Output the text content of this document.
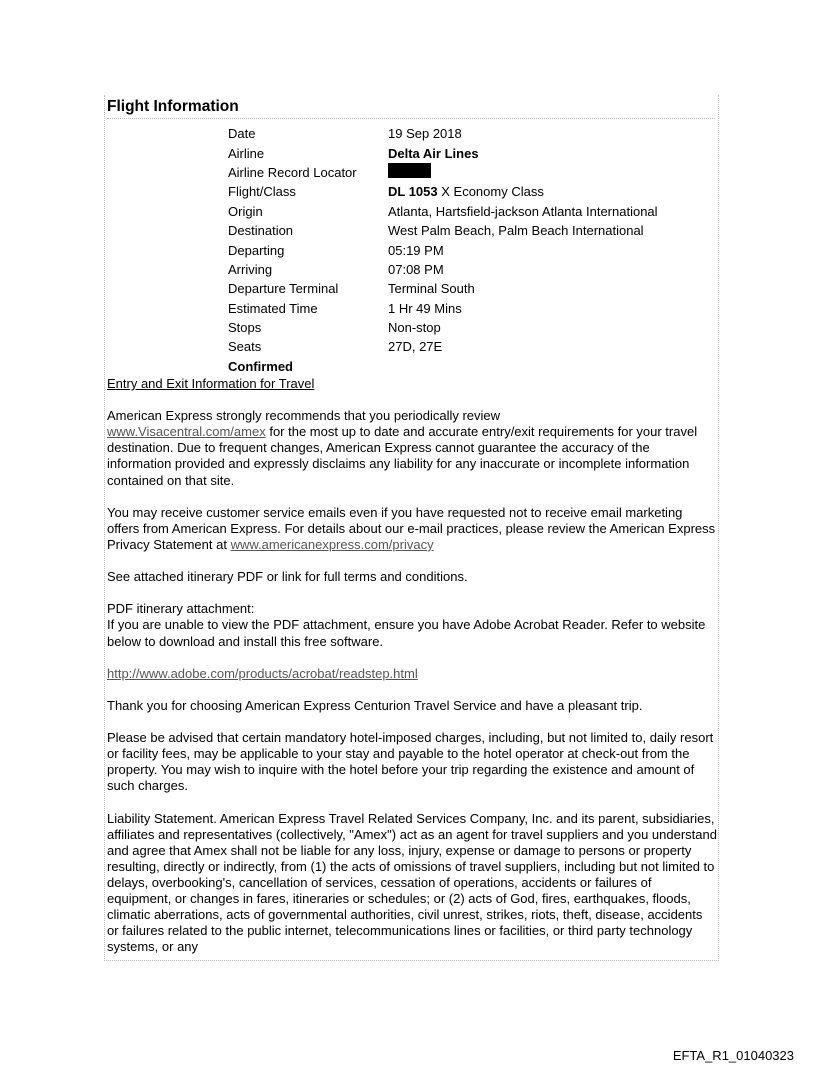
Flight Information
Date	19 Sep 2018
Airline	Delta Air Lines
Airline Record Locator
Flight/Class	DL 1053 X Economy Class
Origin	Atlanta, Hartsfield-jackson Atlanta International
Destination	West Palm Beach, Palm Beach International
Departing	05:19 PM
Arriving	07:08 PM
Departure Terminal	Terminal South
Estimated Time	1 Hr 49 Mins
Stops	Non-stop
Seats	27D, 27E
Confirmed
Entry and Exit Information for Travel

American Express strongly recommends that you periodically review
www.Visacentral.com/amex for the most up to date and accurate entry/exit requirements for your travel destination. Due to frequent changes, American Express cannot guarantee the accuracy of the information provided and expressly disclaims any liability for any inaccurate or incomplete information contained on that site.

You may receive customer service emails even if you have requested not to receive email marketing offers from American Express. For details about our e-mail practices, please review the American Express Privacy Statement at www.americanexpress.com/privacy

See attached itinerary PDF or link for full terms and conditions.

PDF itinerary attachment:
If you are unable to view the PDF attachment, ensure you have Adobe Acrobat Reader. Refer to website below to download and install this free software.

http://www.adobe.com/products/acrobat/readstep.html

Thank you for choosing American Express Centurion Travel Service and have a pleasant trip.

Please be advised that certain mandatory hotel-imposed charges, including, but not limited to, daily resort or facility fees, may be applicable to your stay and payable to the hotel operator at check-out from the property. You may wish to inquire with the hotel before your trip regarding the existence and amount of such charges.

Liability Statement. American Express Travel Related Services Company, Inc. and its parent, subsidiaries, affiliates and representatives (collectively, "Amex") act as an agent for travel suppliers and you understand and agree that Amex shall not be liable for any loss, injury, expense or damage to persons or property resulting, directly or indirectly, from (1) the acts of omissions of travel suppliers, including but not limited to delays, overbooking's, cancellation of services, cessation of operations, accidents or failures of equipment, or changes in fares, itineraries or schedules; or (2) acts of God, fires, earthquakes, floods, climatic aberrations, acts of governmental authorities, civil unrest, strikes, riots, theft, disease, accidents or failures related to the public internet, telecommunications lines or facilities, or third party technology systems, or any

EFTA_R1_01040323
